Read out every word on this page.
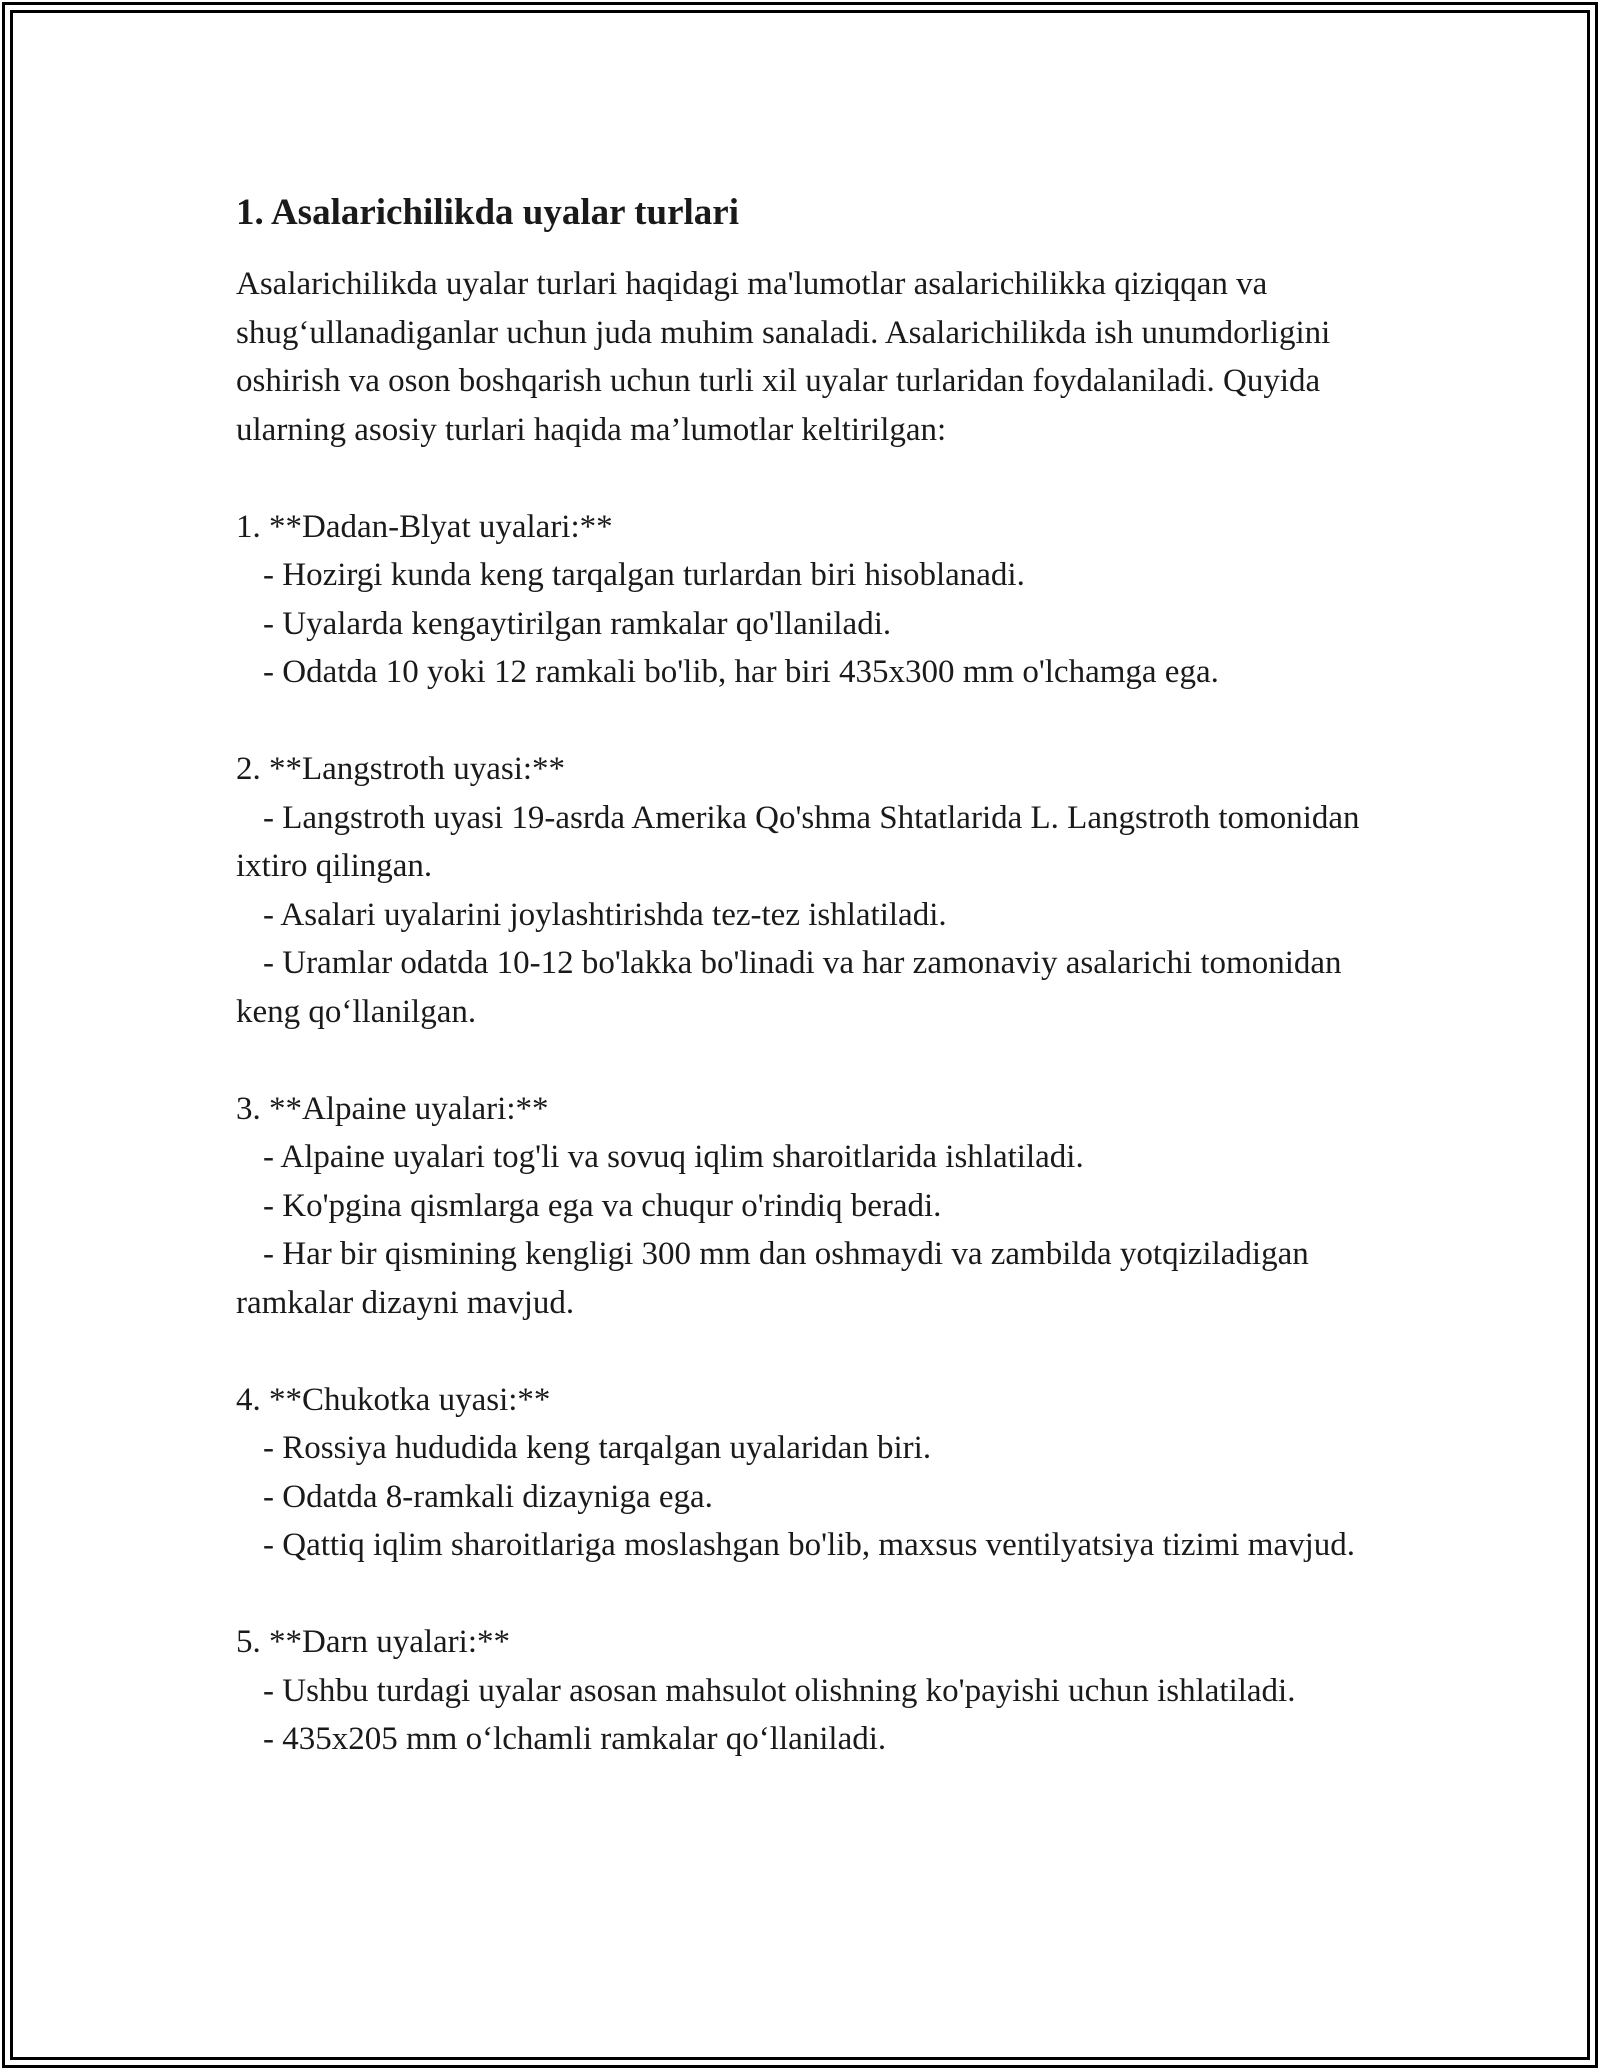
1. Asalarichilikda uyalar turlari

Asalarichilikda uyalar turlari haqidagi ma'lumotlar asalarichilikka qiziqqan va shug‘ullanadiganlar uchun juda muhim sanaladi. Asalarichilikda ish unumdorligini oshirish va oson boshqarish uchun turli xil uyalar turlaridan foydalaniladi. Quyida ularning asosiy turlari haqida ma’lumotlar keltirilgan:

1. **Dadan-Blyat uyalari:**

- Hozirgi kunda keng tarqalgan turlardan biri hisoblanadi.

- Uyalarda kengaytirilgan ramkalar qo'llaniladi.

- Odatda 10 yoki 12 ramkali bo'lib, har biri 435x300 mm o'lchamga ega.

2. **Langstroth uyasi:**

- Langstroth uyasi 19-asrda Amerika Qo'shma Shtatlarida L. Langstroth tomonidan ixtiro qilingan.

- Asalari uyalarini joylashtirishda tez-tez ishlatiladi.

- Uramlar odatda 10-12 bo'lakka bo'linadi va har zamonaviy asalarichi tomonidan keng qo‘llanilgan.

3. **Alpaine uyalari:**

- Alpaine uyalari tog'li va sovuq iqlim sharoitlarida ishlatiladi.

- Ko'pgina qismlarga ega va chuqur o'rindiq beradi.

- Har bir qismining kengligi 300 mm dan oshmaydi va zambilda yotqiziladigan ramkalar dizayni mavjud.

4. **Chukotka uyasi:**

- Rossiya hududida keng tarqalgan uyalaridan biri.

- Odatda 8-ramkali dizayniga ega.

- Qattiq iqlim sharoitlariga moslashgan bo'lib, maxsus ventilyatsiya tizimi mavjud.

5. **Darn uyalari:**

- Ushbu turdagi uyalar asosan mahsulot olishning ko'payishi uchun ishlatiladi.

- 435x205 mm o‘lchamli ramkalar qo‘llaniladi.
